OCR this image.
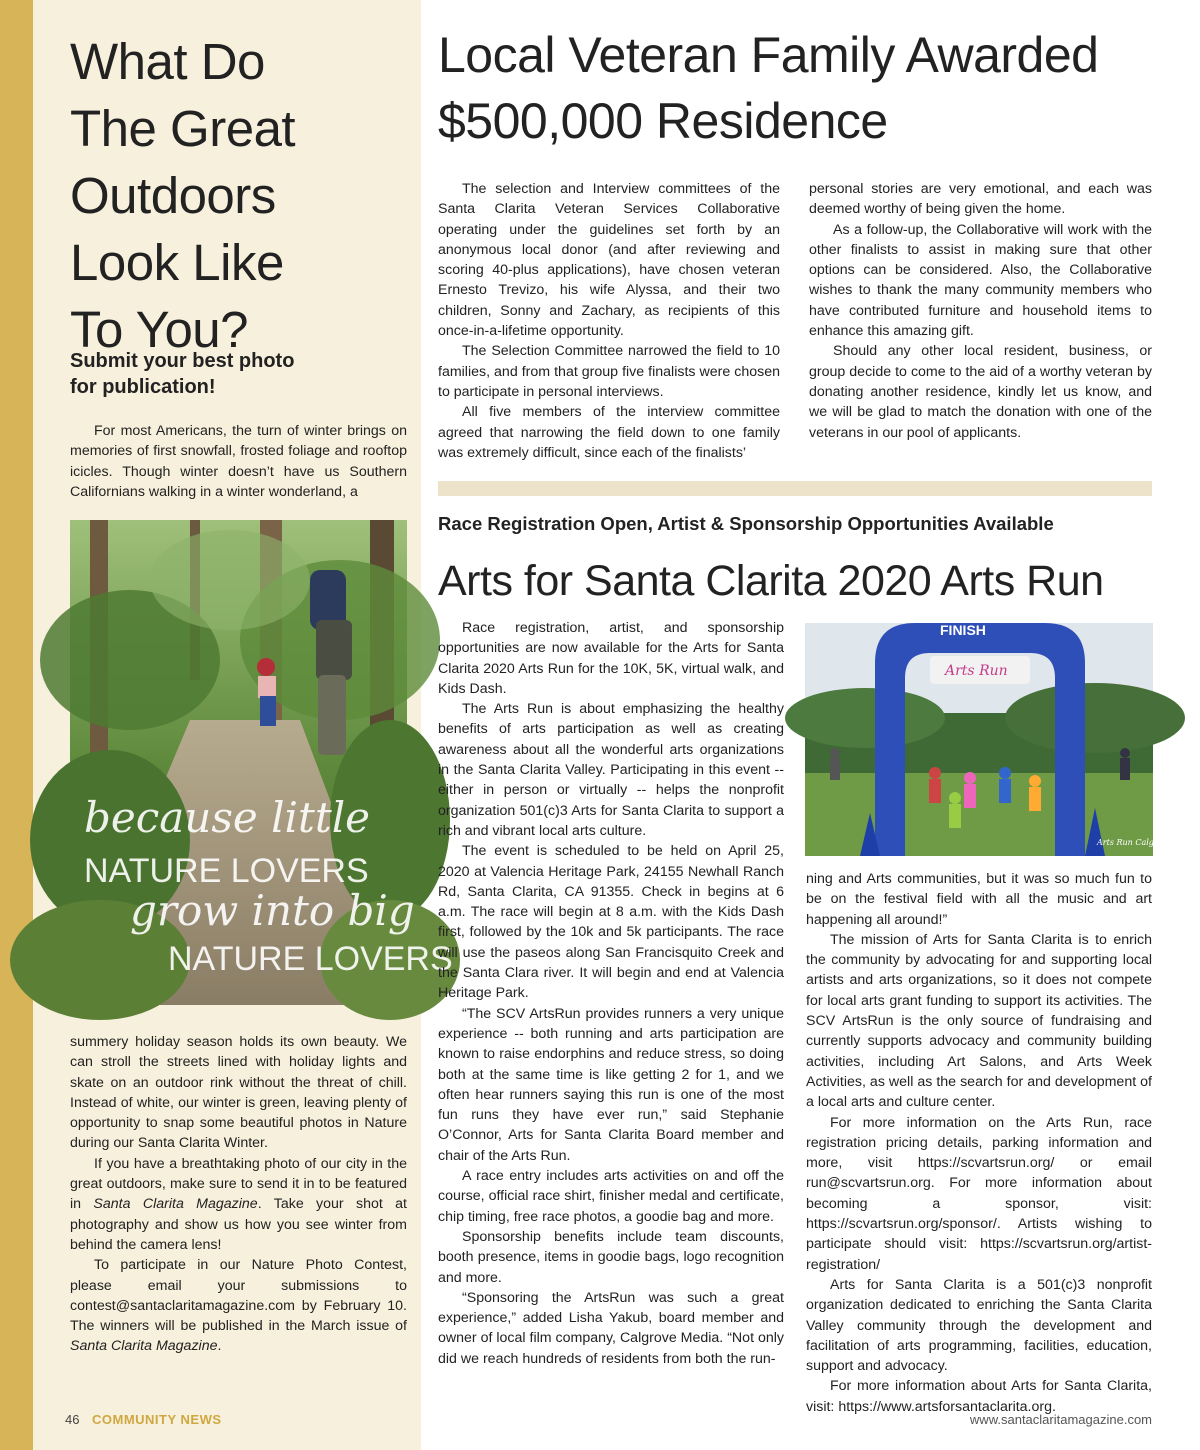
What Do
The Great
Outdoors
Look Like
To You?
Submit your best photo
for publication!

For most Americans, the turn of winter brings on memories of first snowfall, frosted foliage and rooftop icicles. Though winter doesn’t have us Southern Californians walking in a winter wonderland, a

because little
NATURE LOVERS
grow into big
NATURE LOVERS

summery holiday season holds its own beauty. We can stroll the streets lined with holiday lights and skate on an outdoor rink without the threat of chill. Instead of white, our winter is green, leaving plenty of opportunity to snap some beautiful photos in Nature during our Santa Clarita Winter.

If you have a breathtaking photo of our city in the great outdoors, make sure to send it in to be featured in Santa Clarita Magazine. Take your shot at photography and show us how you see winter from behind the camera lens!

To participate in our Nature Photo Contest, please email your submissions to contest@santaclaritamagazine.com by February 10. The winners will be published in the March issue of Santa Clarita Magazine.

Local Veteran Family Awarded
$500,000 Residence

The selection and Interview committees of the Santa Clarita Veteran Services Collaborative operating under the guidelines set forth by an anonymous local donor (and after reviewing and scoring 40-plus applications), have chosen veteran Ernesto Trevizo, his wife Alyssa, and their two children, Sonny and Zachary, as recipients of this once-in-a-lifetime opportunity.

The Selection Committee narrowed the field to 10 families, and from that group five finalists were chosen to participate in personal interviews.

All five members of the interview committee agreed that narrowing the field down to one family was extremely difficult, since each of the finalists’

personal stories are very emotional, and each was deemed worthy of being given the home.

As a follow-up, the Collaborative will work with the other finalists to assist in making sure that other options can be considered. Also, the Collaborative wishes to thank the many community members who have contributed furniture and household items to enhance this amazing gift.

Should any other local resident, business, or group decide to come to the aid of a worthy veteran by donating another residence, kindly let us know, and we will be glad to match the donation with one of the veterans in our pool of applicants.

Race Registration Open, Artist & Sponsorship Opportunities Available
Arts for Santa Clarita 2020 Arts Run

Race registration, artist, and sponsorship opportunities are now available for the Arts for Santa Clarita 2020 Arts Run for the 10K, 5K, virtual walk, and Kids Dash.

The Arts Run is about emphasizing the healthy benefits of arts participation as well as creating awareness about all the wonderful arts organizations in the Santa Clarita Valley. Participating in this event -- either in person or virtually -- helps the nonprofit organization 501(c)3 Arts for Santa Clarita to support a rich and vibrant local arts culture.

The event is scheduled to be held on April 25, 2020 at Valencia Heritage Park, 24155 Newhall Ranch Rd, Santa Clarita, CA 91355. Check in begins at 6 a.m. The race will begin at 8 a.m. with the Kids Dash first, followed by the 10k and 5k participants. The race will use the paseos along San Francisquito Creek and the Santa Clara river. It will begin and end at Valencia Heritage Park.

“The SCV ArtsRun provides runners a very unique experience -- both running and arts participation are known to raise endorphins and reduce stress, so doing both at the same time is like getting 2 for 1, and we often hear runners saying this run is one of the most fun runs they have ever run,” said Stephanie O’Connor, Arts for Santa Clarita Board member and chair of the Arts Run.

A race entry includes arts activities on and off the course, official race shirt, finisher medal and certificate, chip timing, free race photos, a goodie bag and more.

Sponsorship benefits include team discounts, booth presence, items in goodie bags, logo recognition and more.

“Sponsoring the ArtsRun was such a great experience,” added Lisha Yakub, board member and owner of local film company, Calgrove Media. “Not only did we reach hundreds of residents from both the run-

FINISH
Arts Run
Arts Run Calgrove

ning and Arts communities, but it was so much fun to be on the festival field with all the music and art happening all around!”

The mission of Arts for Santa Clarita is to enrich the community by advocating for and supporting local artists and arts organizations, so it does not compete for local arts grant funding to support its activities. The SCV ArtsRun is the only source of fundraising and currently supports advocacy and community building activities, including Art Salons, and Arts Week Activities, as well as the search for and development of a local arts and culture center.

For more information on the Arts Run, race registration pricing details, parking information and more, visit https://scvartsrun.org/ or email run@scvartsrun.org. For more information about becoming a sponsor, visit: https://scvartsrun.org/sponsor/. Artists wishing to participate should visit: https://scvartsrun.org/artist-registration/

Arts for Santa Clarita is a 501(c)3 nonprofit organization dedicated to enriching the Santa Clarita Valley community through the development and facilitation of arts programming, facilities, education, support and advocacy.

For more information about Arts for Santa Clarita, visit: https://www.artsforsantaclarita.org.

46 COMMUNITY NEWS	www.santaclaritamagazine.com
